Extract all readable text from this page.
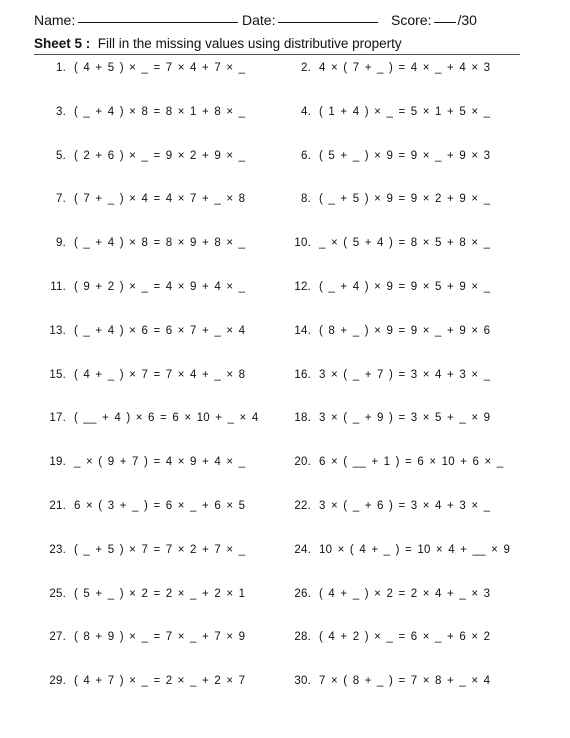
Name:	Date:	Score: /30
Sheet 5 : Fill in the missing values using distributive property
1. ( 4 + 5 ) × _ = 7 × 4 + 7 × _	2. 4 × ( 7 + _ ) = 4 × _ + 4 × 3
3. ( _ + 4 ) × 8 = 8 × 1 + 8 × _	4. ( 1 + 4 ) × _ = 5 × 1 + 5 × _
5. ( 2 + 6 ) × _ = 9 × 2 + 9 × _	6. ( 5 + _ ) × 9 = 9 × _ + 9 × 3
7. ( 7 + _ ) × 4 = 4 × 7 + _ × 8	8. ( _ + 5 ) × 9 = 9 × 2 + 9 × _
9. ( _ + 4 ) × 8 = 8 × 9 + 8 × _	10. _ × ( 5 + 4 ) = 8 × 5 + 8 × _
11. ( 9 + 2 ) × _ = 4 × 9 + 4 × _	12. ( _ + 4 ) × 9 = 9 × 5 + 9 × _
13. ( _ + 4 ) × 6 = 6 × 7 + _ × 4	14. ( 8 + _ ) × 9 = 9 × _ + 9 × 6
15. ( 4 + _ ) × 7 = 7 × 4 + _ × 8	16. 3 × ( _ + 7 ) = 3 × 4 + 3 × _
17. ( __ + 4 ) × 6 = 6 × 10 + _ × 4	18. 3 × ( _ + 9 ) = 3 × 5 + _ × 9
19. _ × ( 9 + 7 ) = 4 × 9 + 4 × _	20. 6 × ( __ + 1 ) = 6 × 10 + 6 × _
21. 6 × ( 3 + _ ) = 6 × _ + 6 × 5	22. 3 × ( _ + 6 ) = 3 × 4 + 3 × _
23. ( _ + 5 ) × 7 = 7 × 2 + 7 × _	24. 10 × ( 4 + _ ) = 10 × 4 + __ × 9
25. ( 5 + _ ) × 2 = 2 × _ + 2 × 1	26. ( 4 + _ ) × 2 = 2 × 4 + _ × 3
27. ( 8 + 9 ) × _ = 7 × _ + 7 × 9	28. ( 4 + 2 ) × _ = 6 × _ + 6 × 2
29. ( 4 + 7 ) × _ = 2 × _ + 2 × 7	30. 7 × ( 8 + _ ) = 7 × 8 + _ × 4
